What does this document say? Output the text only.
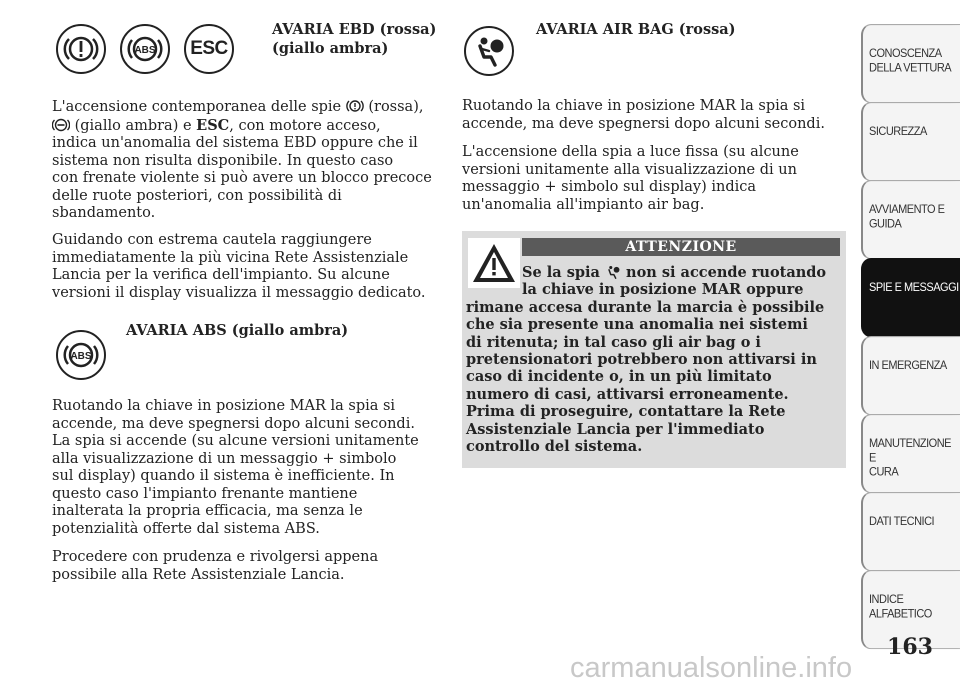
ABS ESC
AVARIA EBD (rossa)
(giallo ambra)

L'accensione contemporanea delle spie (rossa),
(giallo ambra) e ESC, con motore acceso,
indica un'anomalia del sistema EBD oppure che il
sistema non risulta disponibile. In questo caso
con frenate violente si può avere un blocco precoce
delle ruote posteriori, con possibilità di
sbandamento.

Guidando con estrema cautela raggiungere
immediatamente la più vicina Rete Assistenziale
Lancia per la verifica dell'impianto. Su alcune
versioni il display visualizza il messaggio dedicato.

AVARIA ABS (giallo ambra)
ABS

Ruotando la chiave in posizione MAR la spia si
accende, ma deve spegnersi dopo alcuni secondi.
La spia si accende (su alcune versioni unitamente
alla visualizzazione di un messaggio + simbolo
sul display) quando il sistema è inefficiente. In
questo caso l'impianto frenante mantiene
inalterata la propria efficacia, ma senza le
potenzialità offerte dal sistema ABS.

Procedere con prudenza e rivolgersi appena
possibile alla Rete Assistenziale Lancia.

AVARIA AIR BAG (rossa)

Ruotando la chiave in posizione MAR la spia si
accende, ma deve spegnersi dopo alcuni secondi.

L'accensione della spia a luce fissa (su alcune
versioni unitamente alla visualizzazione di un
messaggio + simbolo sul display) indica
un'anomalia all'impianto air bag.

ATTENZIONE
Se la spia non si accende ruotando
la chiave in posizione MAR oppure
rimane accesa durante la marcia è possibile
che sia presente una anomalia nei sistemi
di ritenuta; in tal caso gli air bag o i
pretensionatori potrebbero non attivarsi in
caso di incidente o, in un più limitato
numero di casi, attivarsi erroneamente.
Prima di proseguire, contattare la Rete
Assistenziale Lancia per l'immediato
controllo del sistema.
CONOSCENZA
DELLA VETTURA
SICUREZZA
AVVIAMENTO E
GUIDA
SPIE E MESSAGGI
IN EMERGENZA
MANUTENZIONE E
CURA
DATI TECNICI
INDICE
ALFABETICO
163
carmanualsonline.info
